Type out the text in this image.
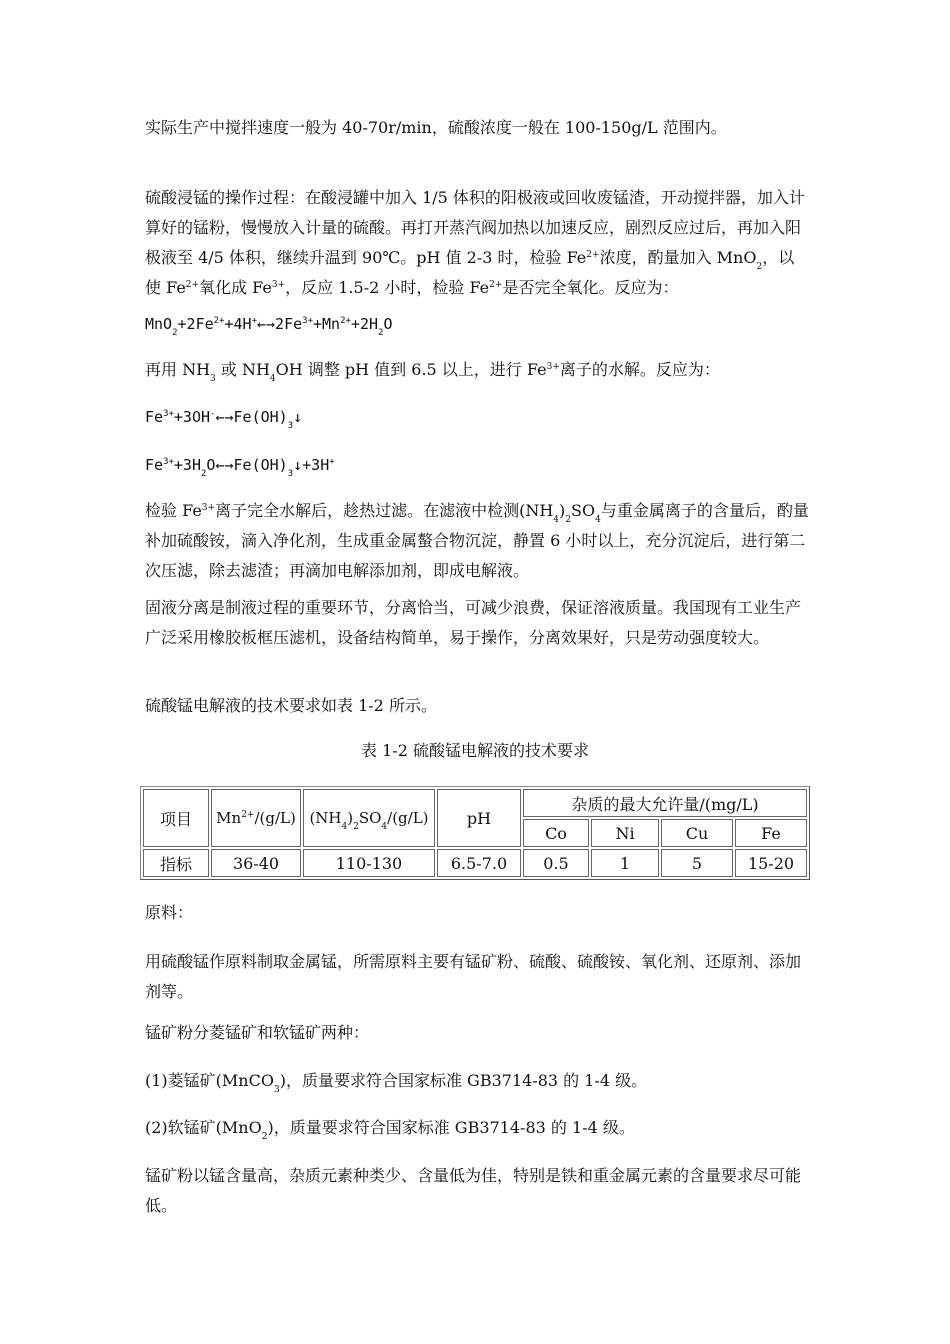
实际生产中搅拌速度一般为 40-70r/min，硫酸浓度一般在 100-150g/L 范围内。

硫酸浸锰的操作过程：在酸浸罐中加入 1/5 体积的阳极液或回收废锰渣，开动搅拌器，加入计算好的锰粉，慢慢放入计量的硫酸。再打开蒸汽阀加热以加速反应，剧烈反应过后，再加入阳极液至 4/5 体积，继续升温到 90℃。pH 值 2-3 时，检验 $Fe^{2+}$浓度，酌量加入 MnO$_2$，以使 $Fe^{2+}$氧化成 $Fe^{3+}$，反应 1.5-2 小时，检验 $Fe^{2+}$是否完全氧化。反应为：

$MnO_2+2Fe^{2+}+4H^+\leftarrow\to 2Fe^{3+}+Mn^{2+}+2H_2O$

再用 $NH_3$ 或 $NH_4OH$ 调整 pH 值到 6.5 以上，进行 $Fe^{3+}$离子的水解。反应为：

$Fe^{3+}+3OH^-\leftarrow\to Fe(OH)_3↓$

$Fe^{3+}+3H_2O\leftarrow\to Fe(OH)_3↓+3H^+$

检验 $Fe^{3+}$离子完全水解后，趁热过滤。在滤液中检测$(NH_4)_2SO_4$与重金属离子的含量后，酌量补加硫酸铵，滴入净化剂，生成重金属螯合物沉淀，静置 6 小时以上，充分沉淀后，进行第二次压滤，除去滤渣；再滴加电解添加剂，即成电解液。

固液分离是制液过程的重要环节，分离恰当，可减少浪费，保证溶液质量。我国现有工业生产广泛采用橡胶板框压滤机，设备结构简单，易于操作，分离效果好，只是劳动强度较大。

硫酸锰电解液的技术要求如表 1-2 所示。

表 1-2 硫酸锰电解液的技术要求
项目	$Mn^{2+}/(g/L)$	$(NH_4)_2SO_4/(g/L)$	pH	杂质的最大允许量/(mg/L)			
				Co	Ni	Cu	Fe
指标	36-40	110-130	6.5-7.0	0.5	1	5	15-20

原料：

用硫酸锰作原料制取金属锰，所需原料主要有锰矿粉、硫酸、硫酸铵、氧化剂、还原剂、添加剂等。

锰矿粉分菱锰矿和软锰矿两种：

(1)菱锰矿(MnCO$_3$)，质量要求符合国家标准 GB3714-83 的 1-4 级。

(2)软锰矿(MnO$_2$)，质量要求符合国家标准 GB3714-83 的 1-4 级。

锰矿粉以锰含量高，杂质元素种类少、含量低为佳，特别是铁和重金属元素的含量要求尽可能低。
